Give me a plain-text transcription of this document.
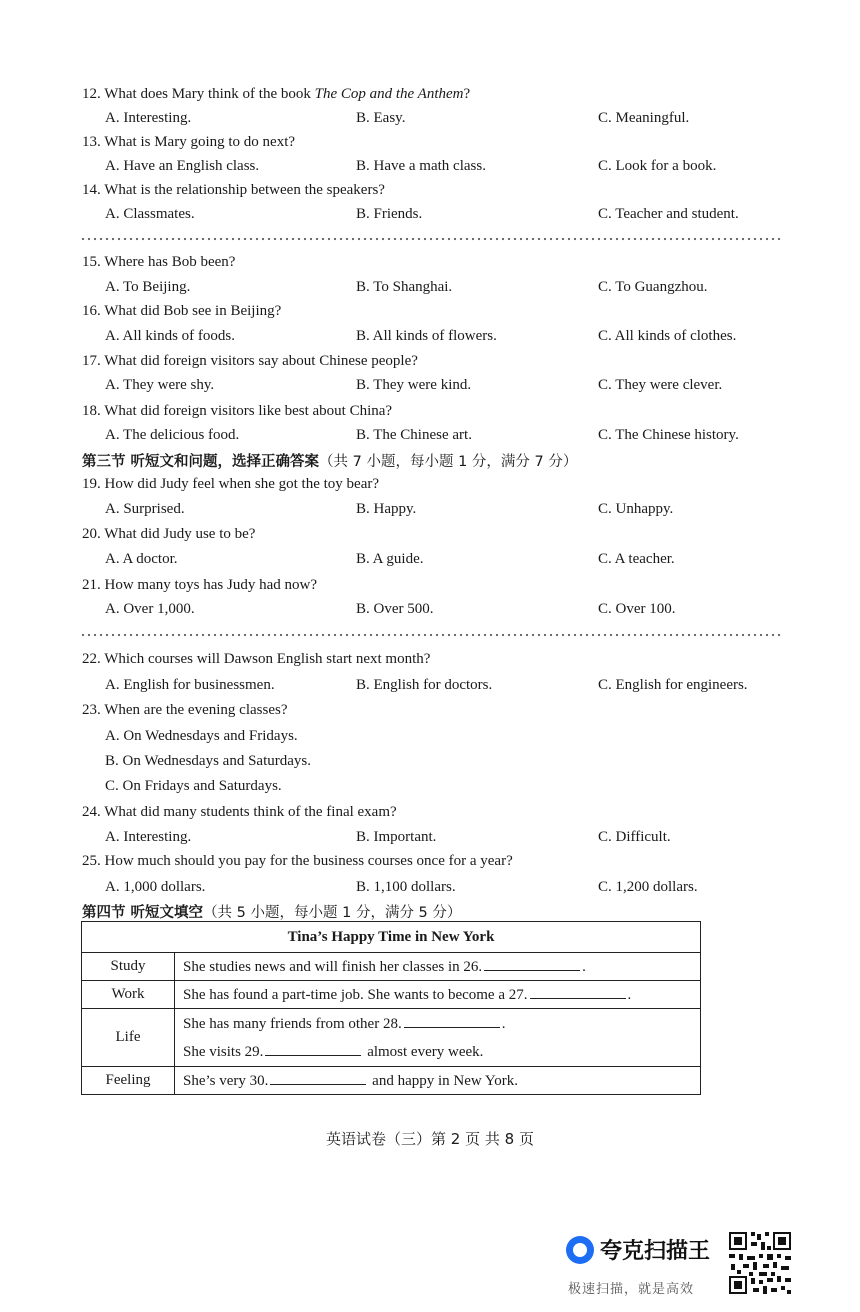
12. What does Mary think of the book The Cop and the Anthem?
A. Interesting.	B. Easy.	C. Meaningful.
13. What is Mary going to do next?
A. Have an English class.	B. Have a math class.	C. Look for a book.
14. What is the relationship between the speakers?
A. Classmates.	B. Friends.	C. Teacher and student.
15. Where has Bob been?
A. To Beijing.	B. To Shanghai.	C. To Guangzhou.
16. What did Bob see in Beijing?
A. All kinds of foods.	B. All kinds of flowers.	C. All kinds of clothes.
17. What did foreign visitors say about Chinese people?
A. They were shy.	B. They were kind.	C. They were clever.
18. What did foreign visitors like best about China?
A. The delicious food.	B. The Chinese art.	C. The Chinese history.
第三节 听短文和问题，选择正确答案（共 7 小题，每小题 1 分，满分 7 分）
19. How did Judy feel when she got the toy bear?
A. Surprised.	B. Happy.	C. Unhappy.
20. What did Judy use to be?
A. A doctor.	B. A guide.	C. A teacher.
21. How many toys has Judy had now?
A. Over 1,000.	B. Over 500.	C. Over 100.
22. Which courses will Dawson English start next month?
A. English for businessmen.	B. English for doctors.	C. English for engineers.
23. When are the evening classes?
A. On Wednesdays and Fridays.
B. On Wednesdays and Saturdays.
C. On Fridays and Saturdays.
24. What did many students think of the final exam?
A. Interesting.	B. Important.	C. Difficult.
25. How much should you pay for the business courses once for a year?
A. 1,000 dollars.	B. 1,100 dollars.	C. 1,200 dollars.
第四节 听短文填空（共 5 小题，每小题 1 分，满分 5 分）
Tina’s Happy Time in New York	
Study	She studies news and will finish her classes in 26. .
Work	She has found a part-time job. She wants to become a 27. .
Life	She has many friends from other 28. .
She visits 29. almost every week.

Feeling	She’s very 30. and happy in New York.
英语试卷（三）第 2 页 共 8 页
夸克扫描王
极速扫描，就是高效
